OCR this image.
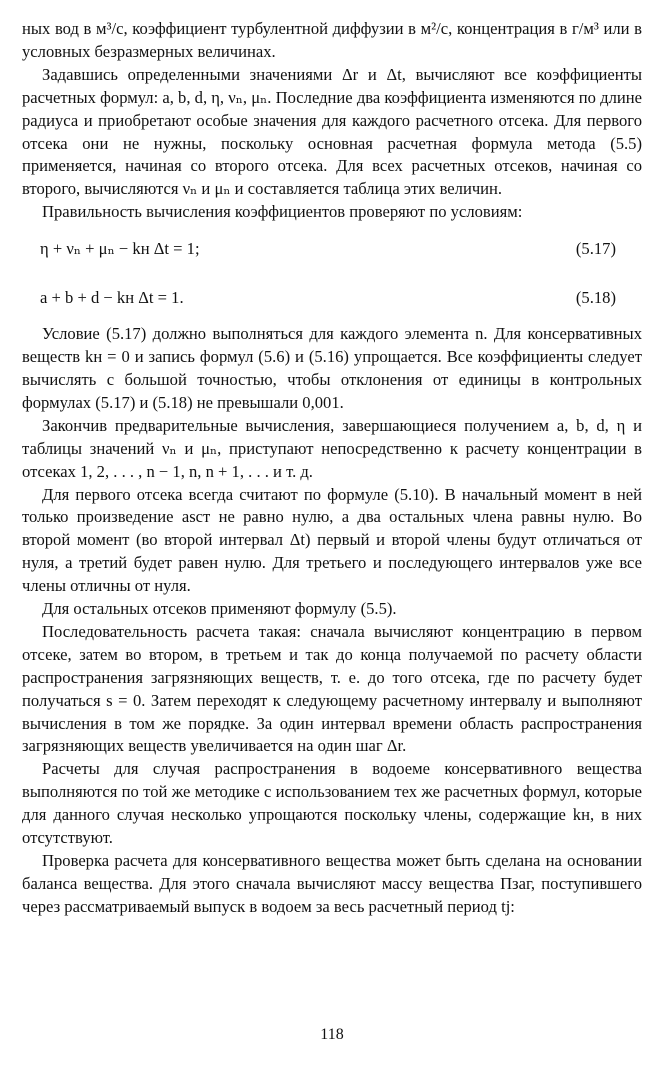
ных вод в м³/с, коэффициент турбулентной диффузии в м²/с, концентрация в г/м³ или в условных безразмерных величинах.

Задавшись определенными значениями Δr и Δt, вычисляют все коэффициенты расчетных формул: a, b, d, η, νₙ, μₙ. Последние два коэффициента изменяются по длине радиуса и приобретают особые значения для каждого расчетного отсека. Для первого отсека они не нужны, поскольку основная расчетная формула метода (5.5) применяется, начиная со второго отсека. Для всех расчетных отсеков, начиная со второго, вычисляются νₙ и μₙ и составляется таблица этих величин.

Правильность вычисления коэффициентов проверяют по условиям:

η + νₙ + μₙ − kн Δt = 1;	(5.17)
a + b + d − kн Δt = 1.	(5.18)

Условие (5.17) должно выполняться для каждого элемента n. Для консервативных веществ kн = 0 и запись формул (5.6) и (5.16) упрощается. Все коэффициенты следует вычислять с большой точностью, чтобы отклонения от единицы в контрольных формулах (5.17) и (5.18) не превышали 0,001.

Закончив предварительные вычисления, завершающиеся получением a, b, d, η и таблицы значений νₙ и μₙ, приступают непосредственно к расчету концентрации в отсеках 1, 2, . . . , n − 1, n, n + 1, . . . и т. д.

Для первого отсека всегда считают по формуле (5.10). В начальный момент в ней только произведение asст не равно нулю, а два остальных члена равны нулю. Во второй момент (во второй интервал Δt) первый и второй члены будут отличаться от нуля, а третий будет равен нулю. Для третьего и последующего интервалов уже все члены отличны от нуля.

Для остальных отсеков применяют формулу (5.5).

Последовательность расчета такая: сначала вычисляют концентрацию в первом отсеке, затем во втором, в третьем и так до конца получаемой по расчету области распространения загрязняющих веществ, т. е. до того отсека, где по расчету будет получаться s = 0. Затем переходят к следующему расчетному интервалу и выполняют вычисления в том же порядке. За один интервал времени область распространения загрязняющих веществ увеличивается на один шаг Δr.

Расчеты для случая распространения в водоеме консервативного вещества выполняются по той же методике с использованием тех же расчетных формул, которые для данного случая несколько упрощаются поскольку члены, содержащие kн, в них отсутствуют.

Проверка расчета для консервативного вещества может быть сделана на основании баланса вещества. Для этого сначала вычисляют массу вещества Пзаг, поступившего через рассматриваемый выпуск в водоем за весь расчетный период tj:

118
